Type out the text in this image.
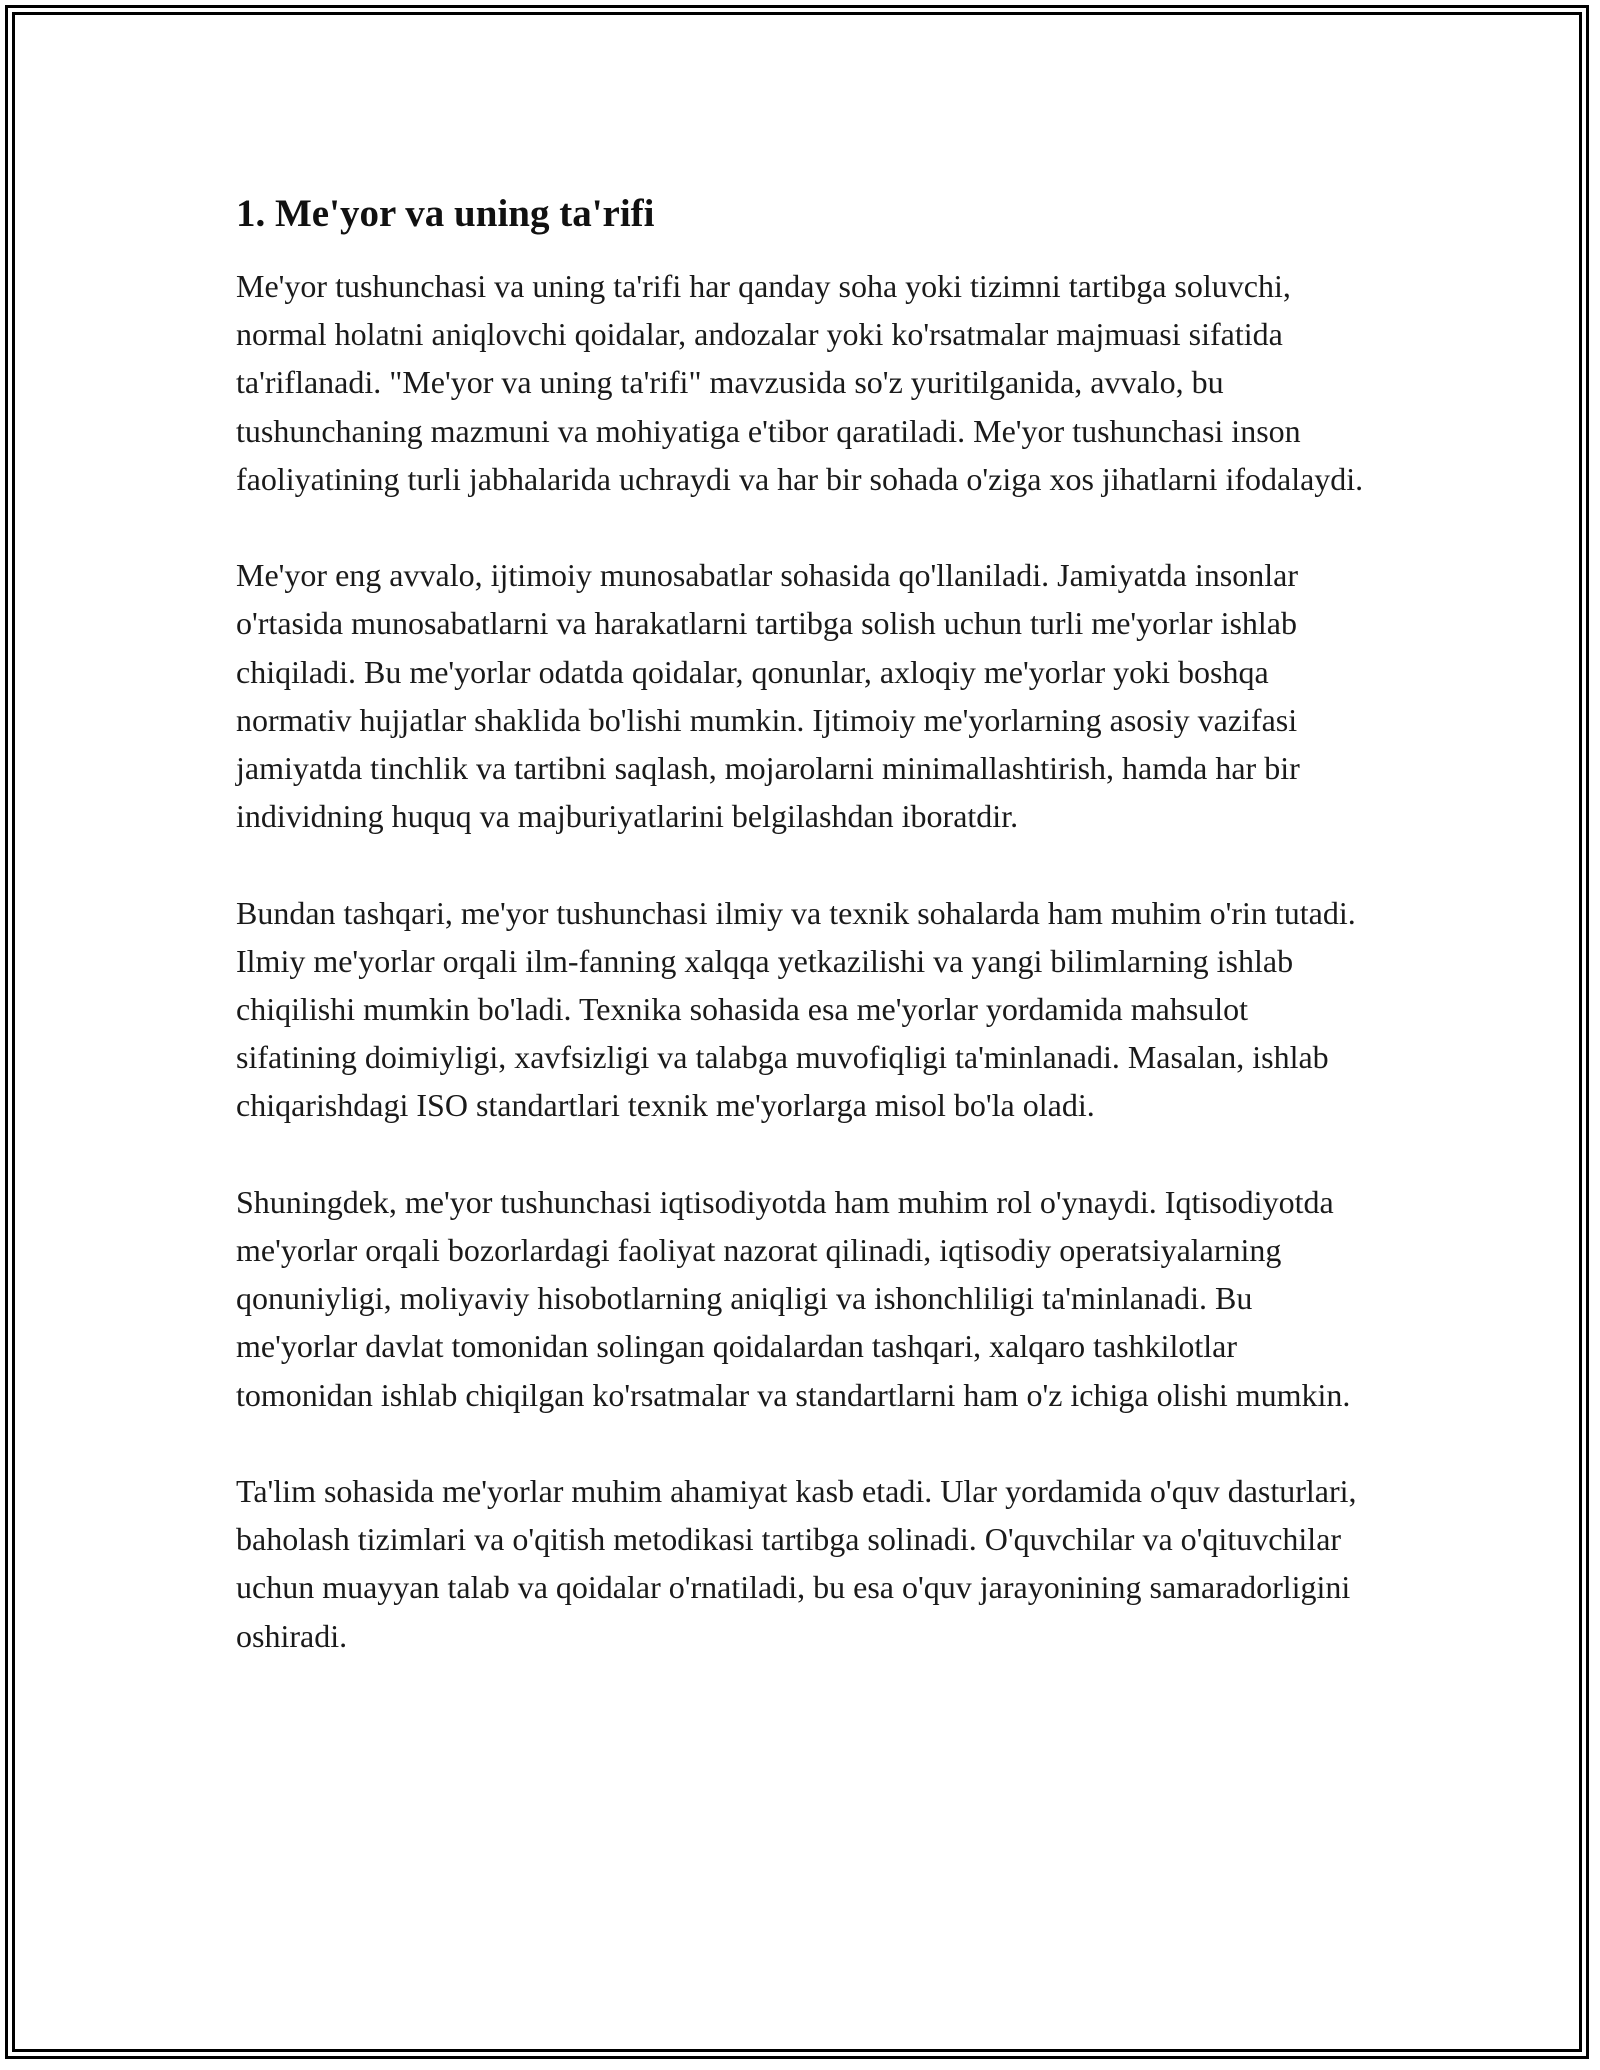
1. Me'yor va uning ta'rifi

Me'yor tushunchasi va uning ta'rifi har qanday soha yoki tizimni tartibga soluvchi, normal holatni aniqlovchi qoidalar, andozalar yoki ko'rsatmalar majmuasi sifatida ta'riflanadi. "Me'yor va uning ta'rifi" mavzusida so'z yuritilganida, avvalo, bu tushunchaning mazmuni va mohiyatiga e'tibor qaratiladi. Me'yor tushunchasi inson faoliyatining turli jabhalarida uchraydi va har bir sohada o'ziga xos jihatlarni ifodalaydi.

Me'yor eng avvalo, ijtimoiy munosabatlar sohasida qo'llaniladi. Jamiyatda insonlar o'rtasida munosabatlarni va harakatlarni tartibga solish uchun turli me'yorlar ishlab chiqiladi. Bu me'yorlar odatda qoidalar, qonunlar, axloqiy me'yorlar yoki boshqa normativ hujjatlar shaklida bo'lishi mumkin. Ijtimoiy me'yorlarning asosiy vazifasi jamiyatda tinchlik va tartibni saqlash, mojarolarni minimallashtirish, hamda har bir individning huquq va majburiyatlarini belgilashdan iboratdir.

Bundan tashqari, me'yor tushunchasi ilmiy va texnik sohalarda ham muhim o'rin tutadi. Ilmiy me'yorlar orqali ilm-fanning xalqqa yetkazilishi va yangi bilimlarning ishlab chiqilishi mumkin bo'ladi. Texnika sohasida esa me'yorlar yordamida mahsulot sifatining doimiyligi, xavfsizligi va talabga muvofiqligi ta'minlanadi. Masalan, ishlab chiqarishdagi ISO standartlari texnik me'yorlarga misol bo'la oladi.

Shuningdek, me'yor tushunchasi iqtisodiyotda ham muhim rol o'ynaydi. Iqtisodiyotda me'yorlar orqali bozorlardagi faoliyat nazorat qilinadi, iqtisodiy operatsiyalarning qonuniyligi, moliyaviy hisobotlarning aniqligi va ishonchliligi ta'minlanadi. Bu me'yorlar davlat tomonidan solingan qoidalardan tashqari, xalqaro tashkilotlar tomonidan ishlab chiqilgan ko'rsatmalar va standartlarni ham o'z ichiga olishi mumkin.

Ta'lim sohasida me'yorlar muhim ahamiyat kasb etadi. Ular yordamida o'quv dasturlari, baholash tizimlari va o'qitish metodikasi tartibga solinadi. O'quvchilar va o'qituvchilar uchun muayyan talab va qoidalar o'rnatiladi, bu esa o'quv jarayonining samaradorligini oshiradi.
